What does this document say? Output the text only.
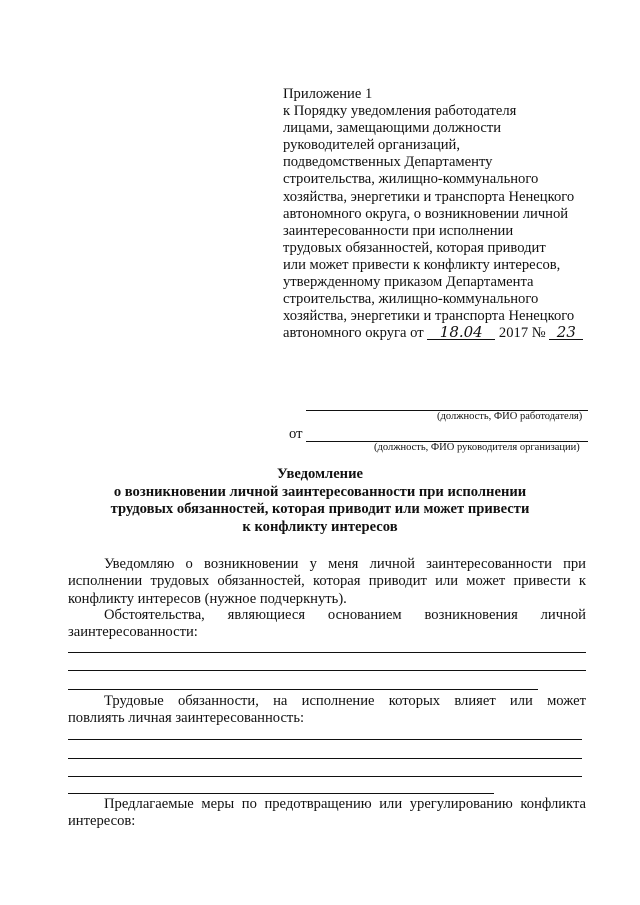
Приложение 1
к Порядку уведомления работодателя
лицами, замещающими должности
руководителей организаций,
подведомственных Департаменту
строительства, жилищно-коммунального
хозяйства, энергетики и транспорта Ненецкого
автономного округа, о возникновении личной
заинтересованности при исполнении
трудовых обязанностей, которая приводит
или может привести к конфликту интересов,
утвержденному приказом Департамента
строительства, жилищно-коммунального
хозяйства, энергетики и транспорта Ненецкого
автономного округа от 18.04 2017 № 23
(должность, ФИО работодателя)
от
(должность, ФИО руководителя организации)
Уведомление
о возникновении личной заинтересованности при исполнении
трудовых обязанностей, которая приводит или может привести
к конфликту интересов
Уведомляю о возникновении у меня личной заинтересованности при
исполнении трудовых обязанностей, которая приводит или может привести к
конфликту интересов (нужное подчеркнуть).
Обстоятельства, являющиеся основанием возникновения личной
заинтересованности:
Трудовые обязанности, на исполнение которых влияет или может
повлиять личная заинтересованность:
Предлагаемые меры по предотвращению или урегулированию конфликта
интересов:
